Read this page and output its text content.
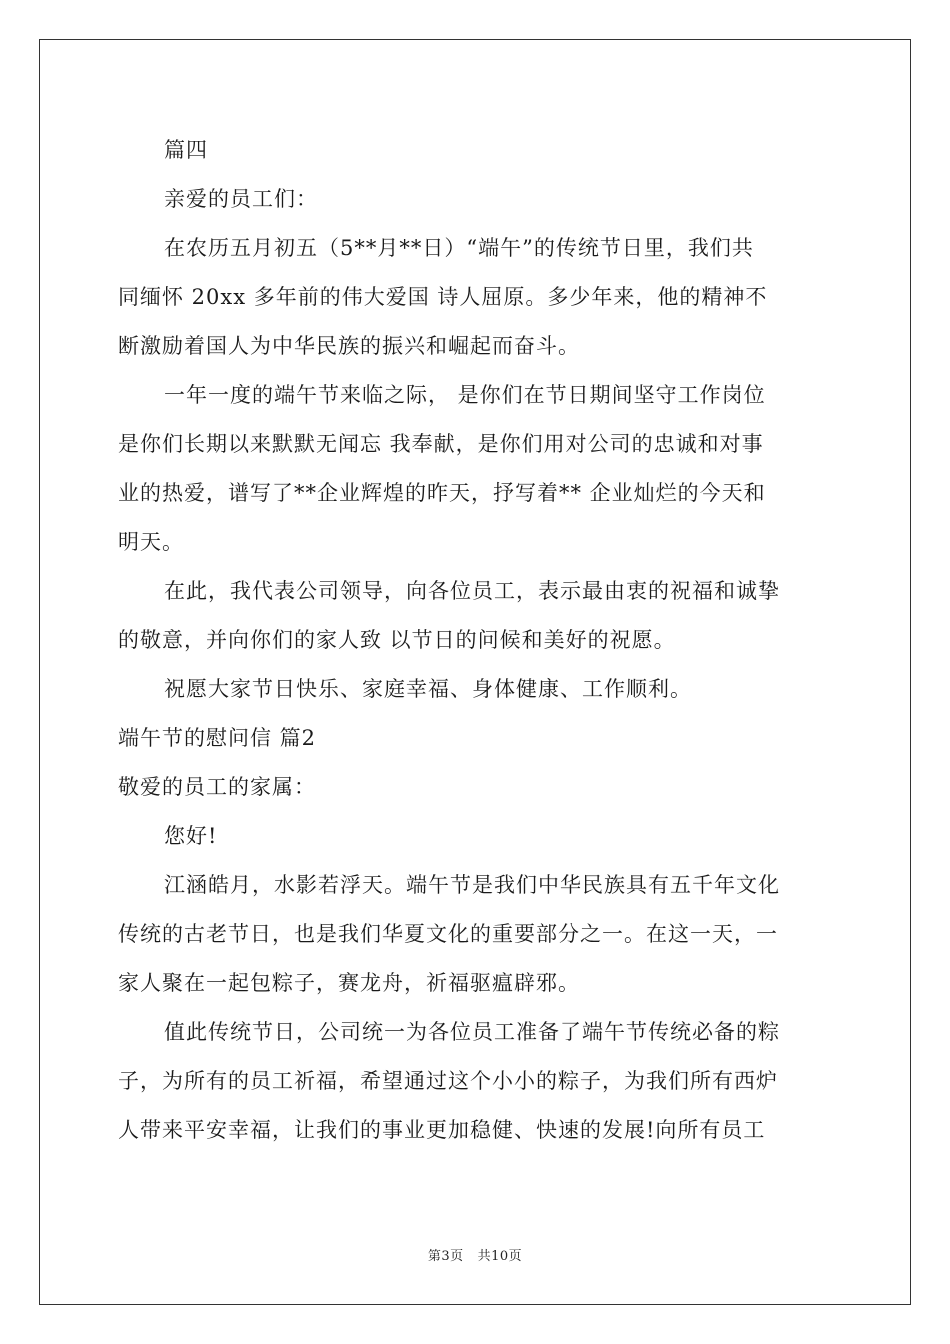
篇四
亲爱的员工们：
在农历五月初五（5**月**日）“端午”的传统节日里，我们共
同缅怀 20xx 多年前的伟大爱国 诗人屈原。多少年来，他的精神不
断激励着国人为中华民族的振兴和崛起而奋斗。
一年一度的端午节来临之际， 是你们在节日期间坚守工作岗位
是你们长期以来默默无闻忘 我奉献，是你们用对公司的忠诚和对事
业的热爱，谱写了**企业辉煌的昨天，抒写着** 企业灿烂的今天和
明天。
在此，我代表公司领导，向各位员工，表示最由衷的祝福和诚挚
的敬意，并向你们的家人致 以节日的问候和美好的祝愿。
祝愿大家节日快乐、家庭幸福、身体健康、工作顺利。
端午节的慰问信 篇2
敬爱的员工的家属：
您好!
江涵皓月，水影若浮天。端午节是我们中华民族具有五千年文化
传统的古老节日，也是我们华夏文化的重要部分之一。在这一天，一
家人聚在一起包粽子，赛龙舟，祈福驱瘟辟邪。
值此传统节日，公司统一为各位员工准备了端午节传统必备的粽
子，为所有的员工祈福，希望通过这个小小的粽子，为我们所有西炉
人带来平安幸福，让我们的事业更加稳健、快速的发展!向所有员工
第3页 共10页
